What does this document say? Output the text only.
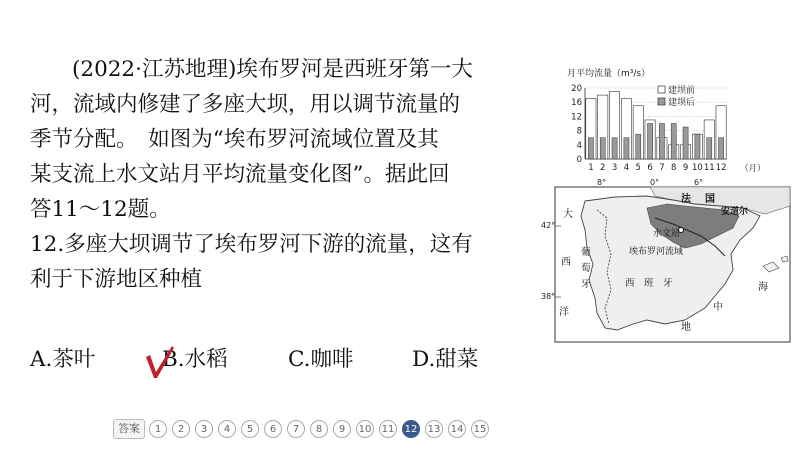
(2022·江苏地理)埃布罗河是西班牙第一大
河，流域内修建了多座大坝，用以调节流量的
季节分配。　如图为“埃布罗河流域位置及其
某支流上水文站月平均流量变化图”。据此回
答11～12题。
12.多座大坝调节了埃布罗河下游的流量，这有
利于下游地区种植
A.茶叶	B.水稻	C.咖啡	D.甜菜
月平均流量（m³/s）
0
4
8
12
16
20
1 2 3 4 5 6 7 8 9 10 11 12 （月）
建坝前
建坝后
8°	0°	6°
42°
38°
法 国
安道尔
水文站
埃布罗河流域
西　班　牙
葡
萄
牙
大
西
洋	中
地
海
答案	1	2	3	4	5	6	7	8	9	10 11 12 13 14 15
